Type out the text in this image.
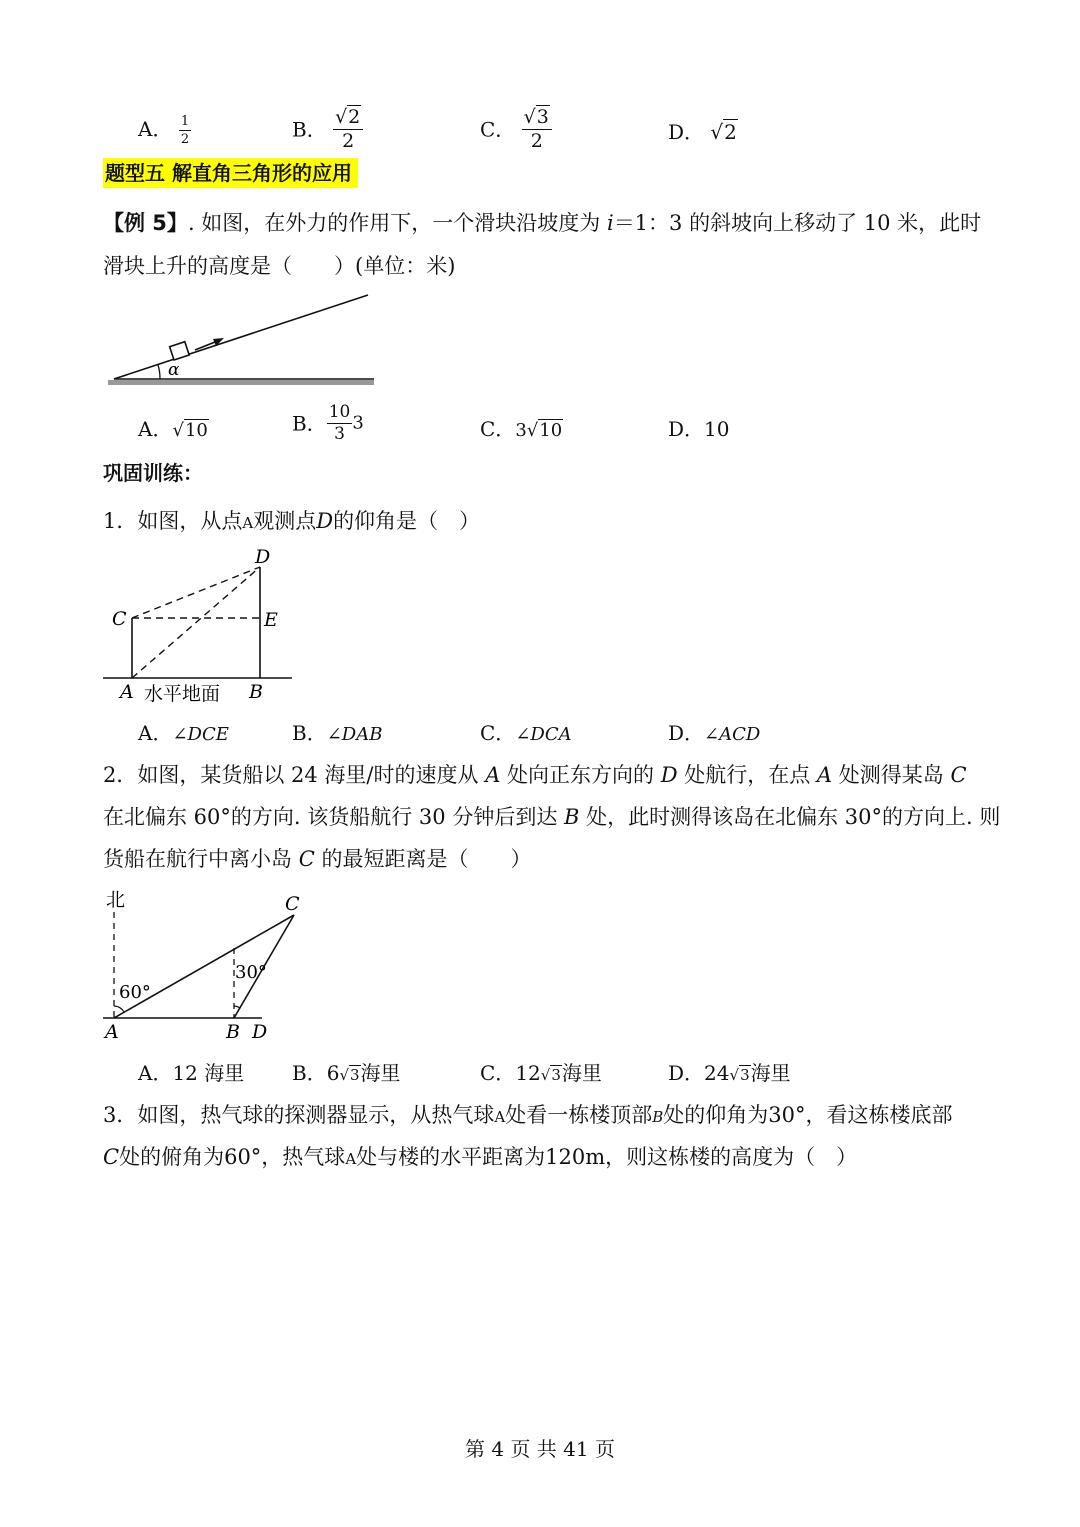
A． $\frac{1}{2}$	B． $\frac{√2}{2}$	C． $\frac{√3}{2}$	D． √2
题型五 解直角三角形的应用
【例 5】. 如图，在外力的作用下，一个滑块沿坡度为 i＝1：3 的斜坡向上移动了 10 米，此时
滑块上升的高度是（　　）(单位：米)
α
A．√10	B． $\frac{10}{3} 3$	C．3√10	D．10
巩固训练：
1．如图，从点A观测点D的仰角是（　）
D
C	E
A	B
水平地面
A．∠DCE	B．∠DAB	C．∠DCA	D．∠ACD
2．如图，某货船以 24 海里/时的速度从 A 处向正东方向的 D 处航行，在点 A 处测得某岛 C
在北偏东 60°的方向. 该货船航行 30 分钟后到达 B 处，此时测得该岛在北偏东 30°的方向上. 则
货船在航行中离小岛 C 的最短距离是（　　）
北	C
60°
30°
A	B D
A．12 海里 B．6√3海里	C．12√3海里	D．24√3海里
3．如图，热气球的探测器显示，从热气球A处看一栋楼顶部B处的仰角为30°，看这栋楼底部
C处的俯角为60°，热气球A处与楼的水平距离为120m，则这栋楼的高度为（　）
第 4 页 共 41 页
